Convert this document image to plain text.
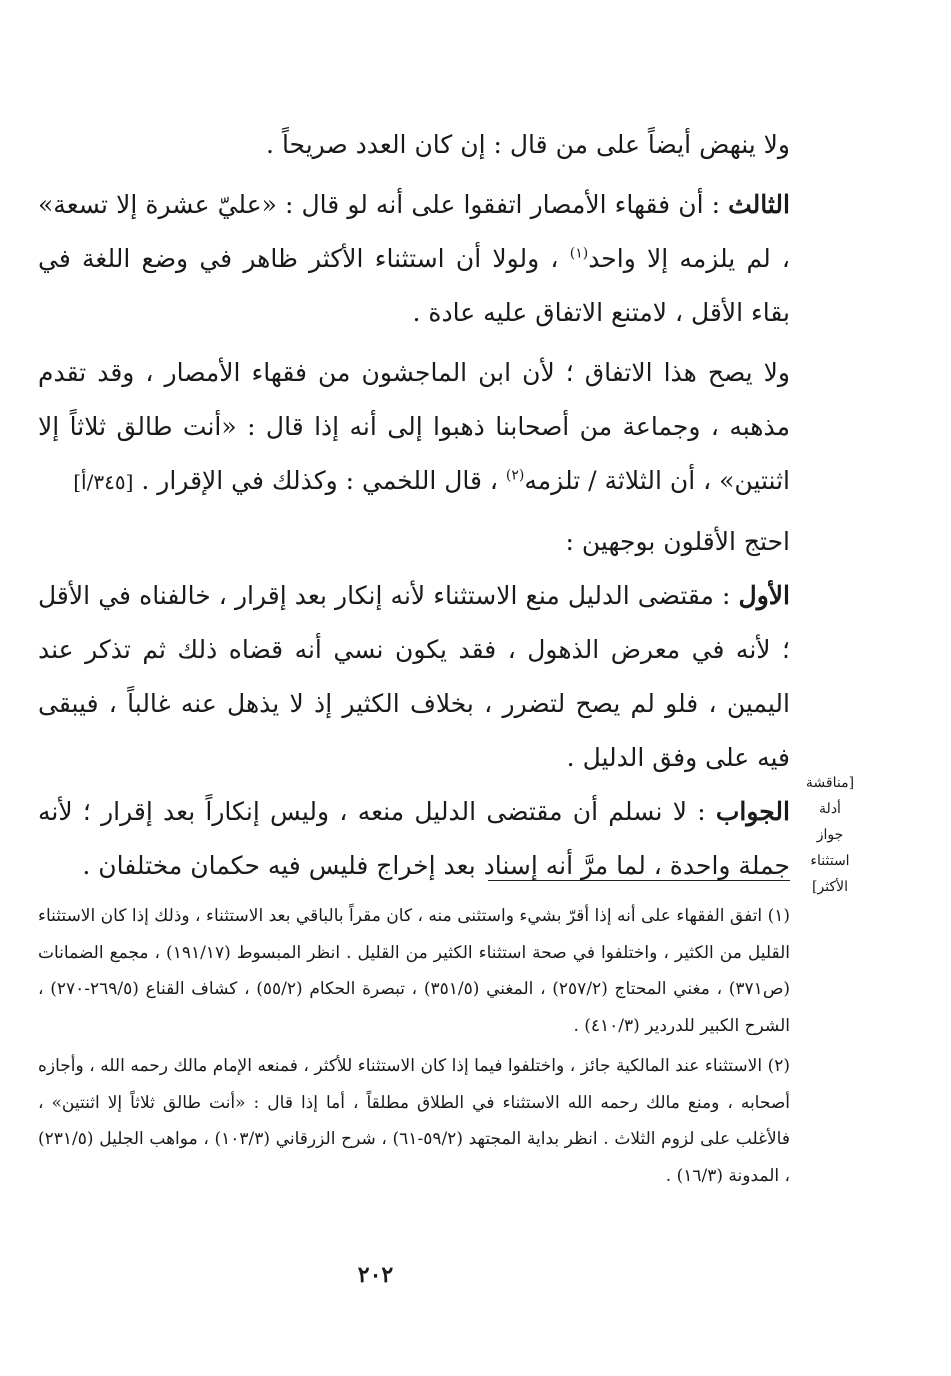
ولا ينهض أيضاً على من قال : إن كان العدد صريحاً .

الثالث : أن فقهاء الأمصار اتفقوا على أنه لو قال : «عليّ عشرة إلا تسعة» ، لم يلزمه إلا واحد$^{(١)}$ ، ولولا أن استثناء الأكثر ظاهر في وضع اللغة في بقاء الأقل ، لامتنع الاتفاق عليه عادة .

ولا يصح هذا الاتفاق ؛ لأن ابن الماجشون من فقهاء الأمصار ، وقد تقدم مذهبه ، وجماعة من أصحابنا ذهبوا إلى أنه إذا قال : «أنت طالق ثلاثاً إلا اثنتين» ، أن الثلاثة / تلزمه$^{(٢)}$ ، قال اللخمي : وكذلك في الإقرار . [٣٤٥/أ]

احتج الأقلون بوجهين :

الأول : مقتضى الدليل منع الاستثناء لأنه إنكار بعد إقرار ، خالفناه في الأقل ؛ لأنه في معرض الذهول ، فقد يكون نسي أنه قضاه ذلك ثم تذكر عند اليمين ، فلو لم يصح لتضرر ، بخلاف الكثير إذ لا يذهل عنه غالباً ، فيبقى فيه على وفق الدليل .

الجواب : لا نسلم أن مقتضى الدليل منعه ، وليس إنكاراً بعد إقرار ؛ لأنه جملة واحدة ، لما مرَّ أنه إسناد بعد إخراج فليس فيه حكمان مختلفان .

[مناقشة أدلة
جواز استثناء
الأكثر]

(١) اتفق الفقهاء على أنه إذا أقرّ بشيء واستثنى منه ، كان مقراً بالباقي بعد الاستثناء ، وذلك إذا كان الاستثناء القليل من الكثير ، واختلفوا في صحة استثناء الكثير من القليل . انظر المبسوط (١٩١/١٧) ، مجمع الضمانات (ص٣٧١) ، مغني المحتاج (٢٥٧/٢) ، المغني (٣٥١/٥) ، تبصرة الحكام (٥٥/٢) ، كشاف القناع (٢٦٩/٥-٢٧٠) ، الشرح الكبير للدردير (٤١٠/٣) .

(٢) الاستثناء عند المالكية جائز ، واختلفوا فيما إذا كان الاستثناء للأكثر ، فمنعه الإمام مالك رحمه الله ، وأجازه أصحابه ، ومنع مالك رحمه الله الاستثناء في الطلاق مطلقاً ، أما إذا قال : «أنت طالق ثلاثاً إلا اثنتين» ، فالأغلب على لزوم الثلاث . انظر بداية المجتهد (٥٩/٢-٦١) ، شرح الزرقاني (١٠٣/٣) ، مواهب الجليل (٢٣١/٥) ، المدونة (١٦/٣) .

٢٠٢
